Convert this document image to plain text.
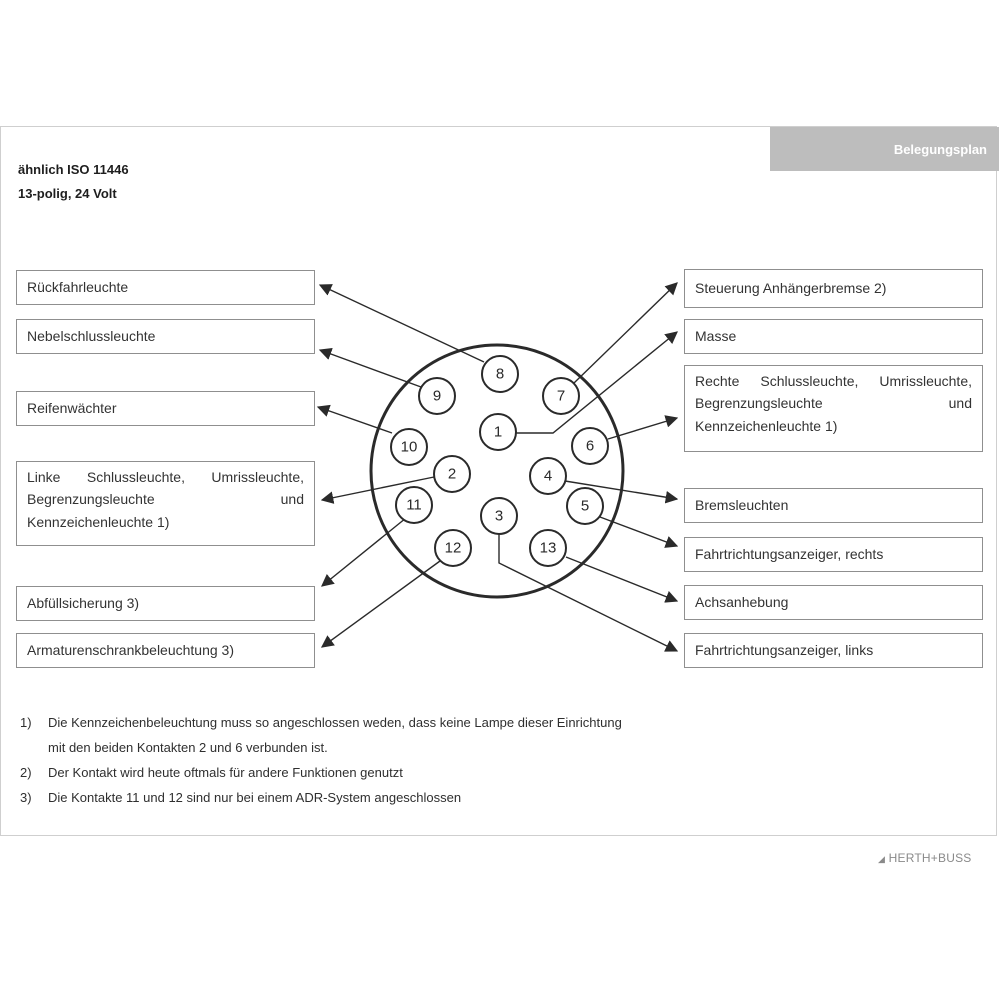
Belegungsplan
ähnlich ISO 11446
13-polig, 24 Volt
1
2
3
4
5
6
7
8
9
10
11
12	13
Rückfahrleuchte
Nebelschlussleuchte
Reifenwächter
Linke Schlussleuchte, Umrissleuchte, Begrenzungsleuchte und Kennzeichenleuchte 1)
Abfüllsicherung 3)
Armaturenschrankbeleuchtung 3)
Steuerung Anhängerbremse 2)
Masse
Rechte Schlussleuchte, Umrissleuchte, Begrenzungsleuchte und Kennzeichenleuchte 1)
Bremsleuchten
Fahrtrichtungsanzeiger, rechts
Achsanhebung
Fahrtrichtungsanzeiger, links
1) Die Kennzeichenbeleuchtung muss so angeschlossen weden, dass keine Lampe dieser Einrichtung
mit den beiden Kontakten 2 und 6 verbunden ist.
2) Der Kontakt wird heute oftmals für andere Funktionen genutzt
3) Die Kontakte 11 und 12 sind nur bei einem ADR-System angeschlossen
◢ HERTH+BUSS
